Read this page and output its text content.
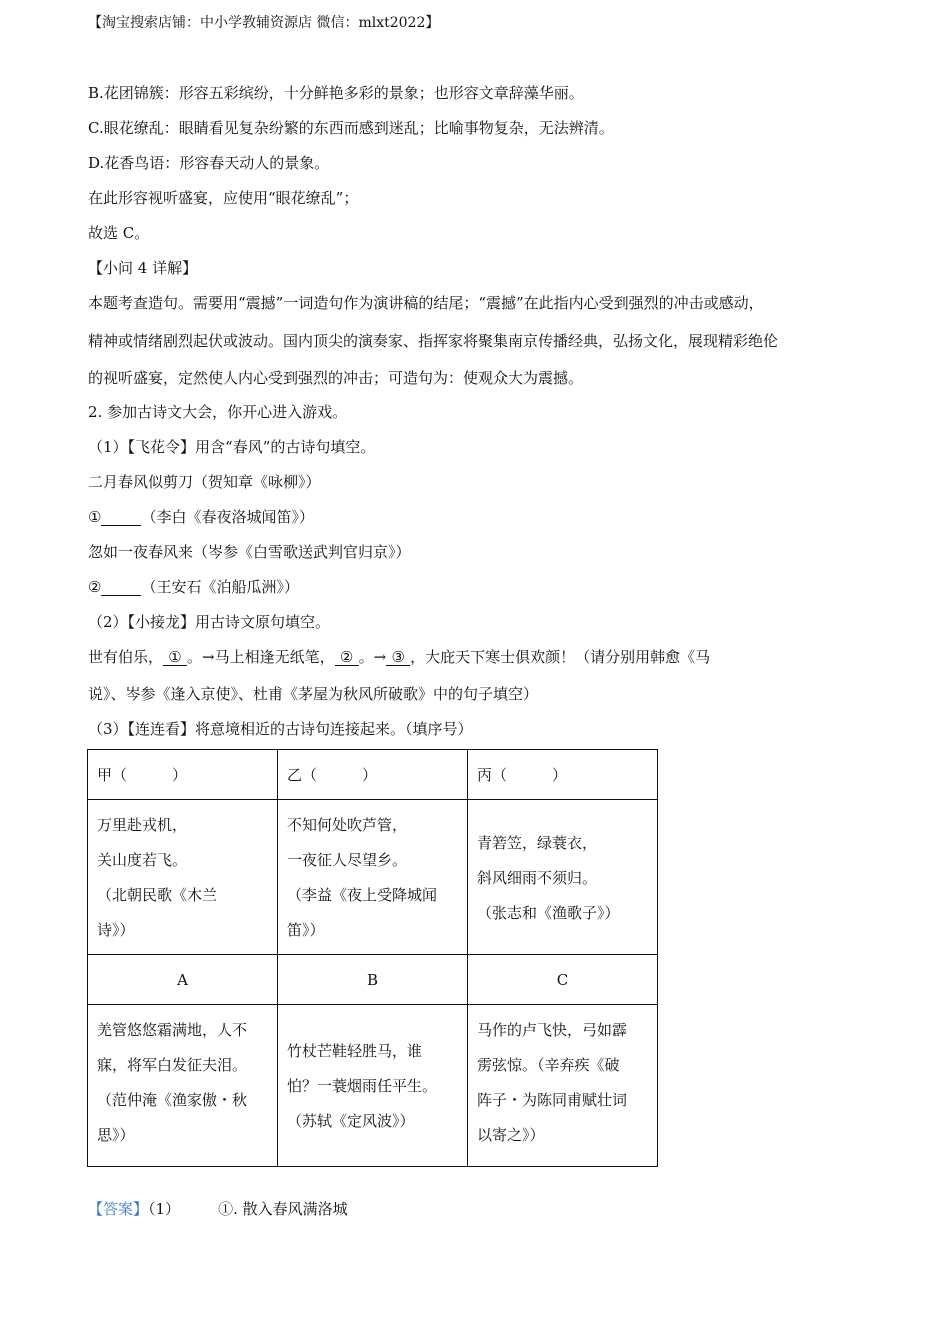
【淘宝搜索店铺：中小学教辅资源店 微信：mlxt2022】
B.花团锦簇：形容五彩缤纷，十分鲜艳多彩的景象；也形容文章辞藻华丽。
C.眼花缭乱：眼睛看见复杂纷繁的东西而感到迷乱；比喻事物复杂，无法辨清。
D.花香鸟语：形容春天动人的景象。
在此形容视听盛宴，应使用“眼花缭乱”；
故选 C。
【小问 4 详解】
本题考查造句。需要用“震撼”一词造句作为演讲稿的结尾；“震撼”在此指内心受到强烈的冲击或感动，
精神或情绪剧烈起伏或波动。国内顶尖的演奏家、指挥家将聚集南京传播经典，弘扬文化，展现精彩绝伦
的视听盛宴，定然使人内心受到强烈的冲击；可造句为：使观众大为震撼。
2. 参加古诗文大会，你开心进入游戏。
（1）【飞花令】用含“春风”的古诗句填空。
二月春风似剪刀（贺知章《咏柳》）
①	（李白《春夜洛城闻笛》）
忽如一夜春风来（岑参《白雪歌送武判官归京》）
②	（王安石《泊船瓜洲》）
（2）【小接龙】用古诗文原句填空。
世有伯乐， ① 。→马上相逢无纸笔， ② 。→ ③ ，大庇天下寒士俱欢颜！（请分别用韩愈《马
说》、岑参《逢入京使》、杜甫《茅屋为秋风所破歌》中的句子填空）
（3）【连连看】将意境相近的古诗句连接起来。（填序号）
甲（　　　）	乙（　　　）	丙（　　　）

万里赴戎机，
关山度若飞。
（北朝民歌《木兰
诗》）	不知何处吹芦管，
一夜征人尽望乡。
（李益《夜上受降城闻
笛》）	青箬笠，绿蓑衣，
斜风细雨不须归。
（张志和《渔歌子》）

A	B	C

羌管悠悠霜满地，人不
寐，将军白发征夫泪。
（范仲淹《渔家傲・秋
思》）	竹杖芒鞋轻胜马，谁
怕？一蓑烟雨任平生。
（苏轼《定风波》）	马作的卢飞快，弓如霹
雳弦惊。（辛弃疾《破
阵子・为陈同甫赋壮词
以寄之》）
【答案】（1）	①. 散入春风满洛城
